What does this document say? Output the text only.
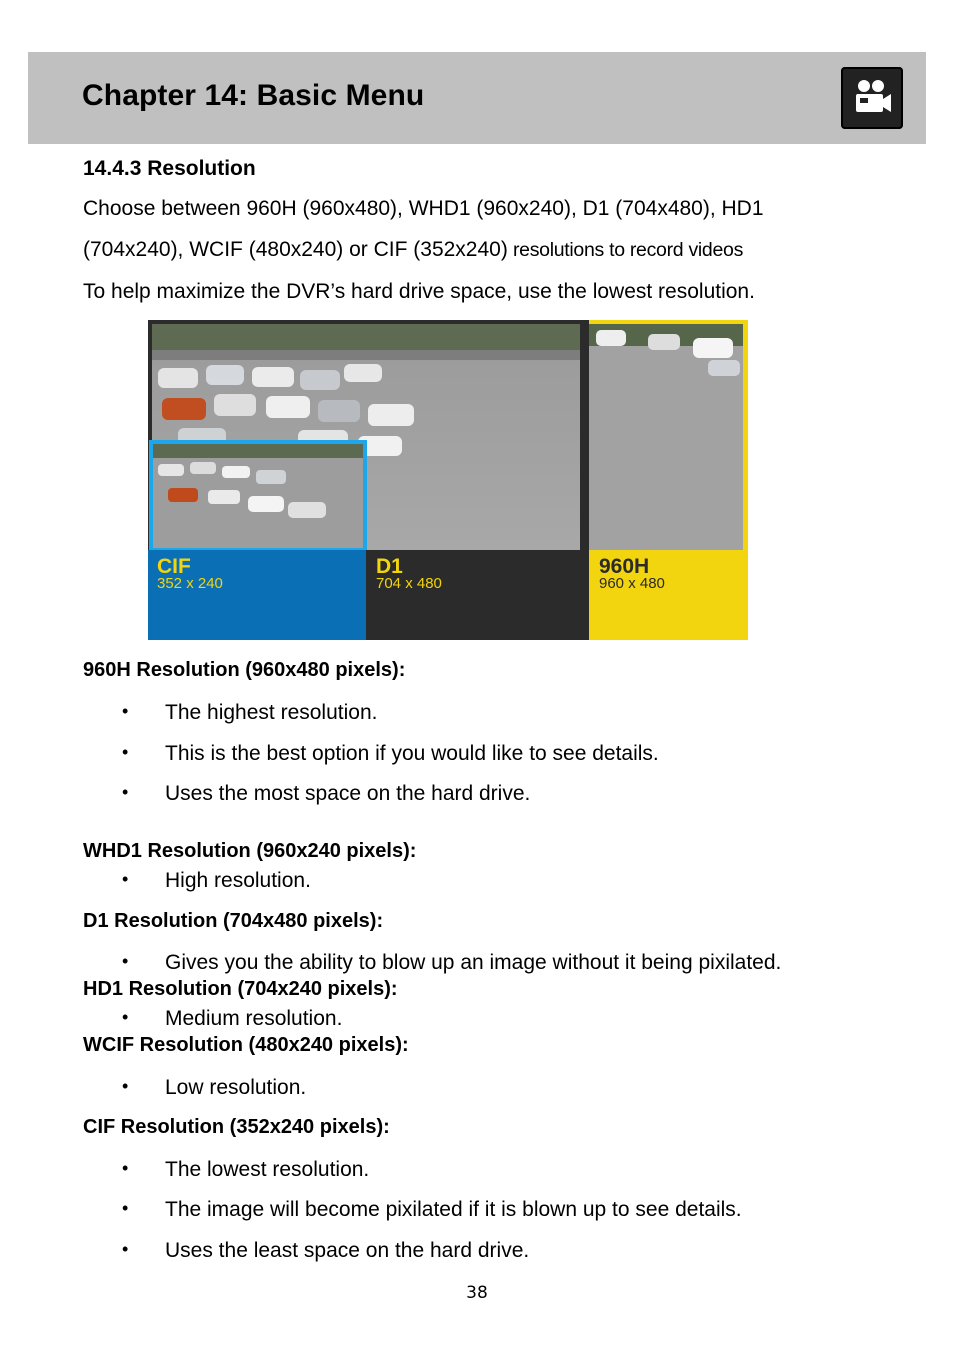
Chapter 14: Basic Menu
14.4.3 Resolution

Choose between 960H (960x480), WHD1 (960x240), D1 (704x480), HD1

(704x240), WCIF (480x240) or CIF (352x240) resolutions to record videos

To help maximize the DVR’s hard drive space, use the lowest resolution.

CIF
352 x 240
D1
704 x 480
960H
960 x 480
960H Resolution (960x480 pixels):
• The highest resolution.
• This is the best option if you would like to see details.
• Uses the most space on the hard drive.
WHD1 Resolution (960x240 pixels):
• High resolution.
D1 Resolution (704x480 pixels):
• Gives you the ability to blow up an image without it being pixilated.
HD1 Resolution (704x240 pixels):
• Medium resolution.
WCIF Resolution (480x240 pixels):
• Low resolution.
CIF Resolution (352x240 pixels):
• The lowest resolution.
• The image will become pixilated if it is blown up to see details.
• Uses the least space on the hard drive.
38
